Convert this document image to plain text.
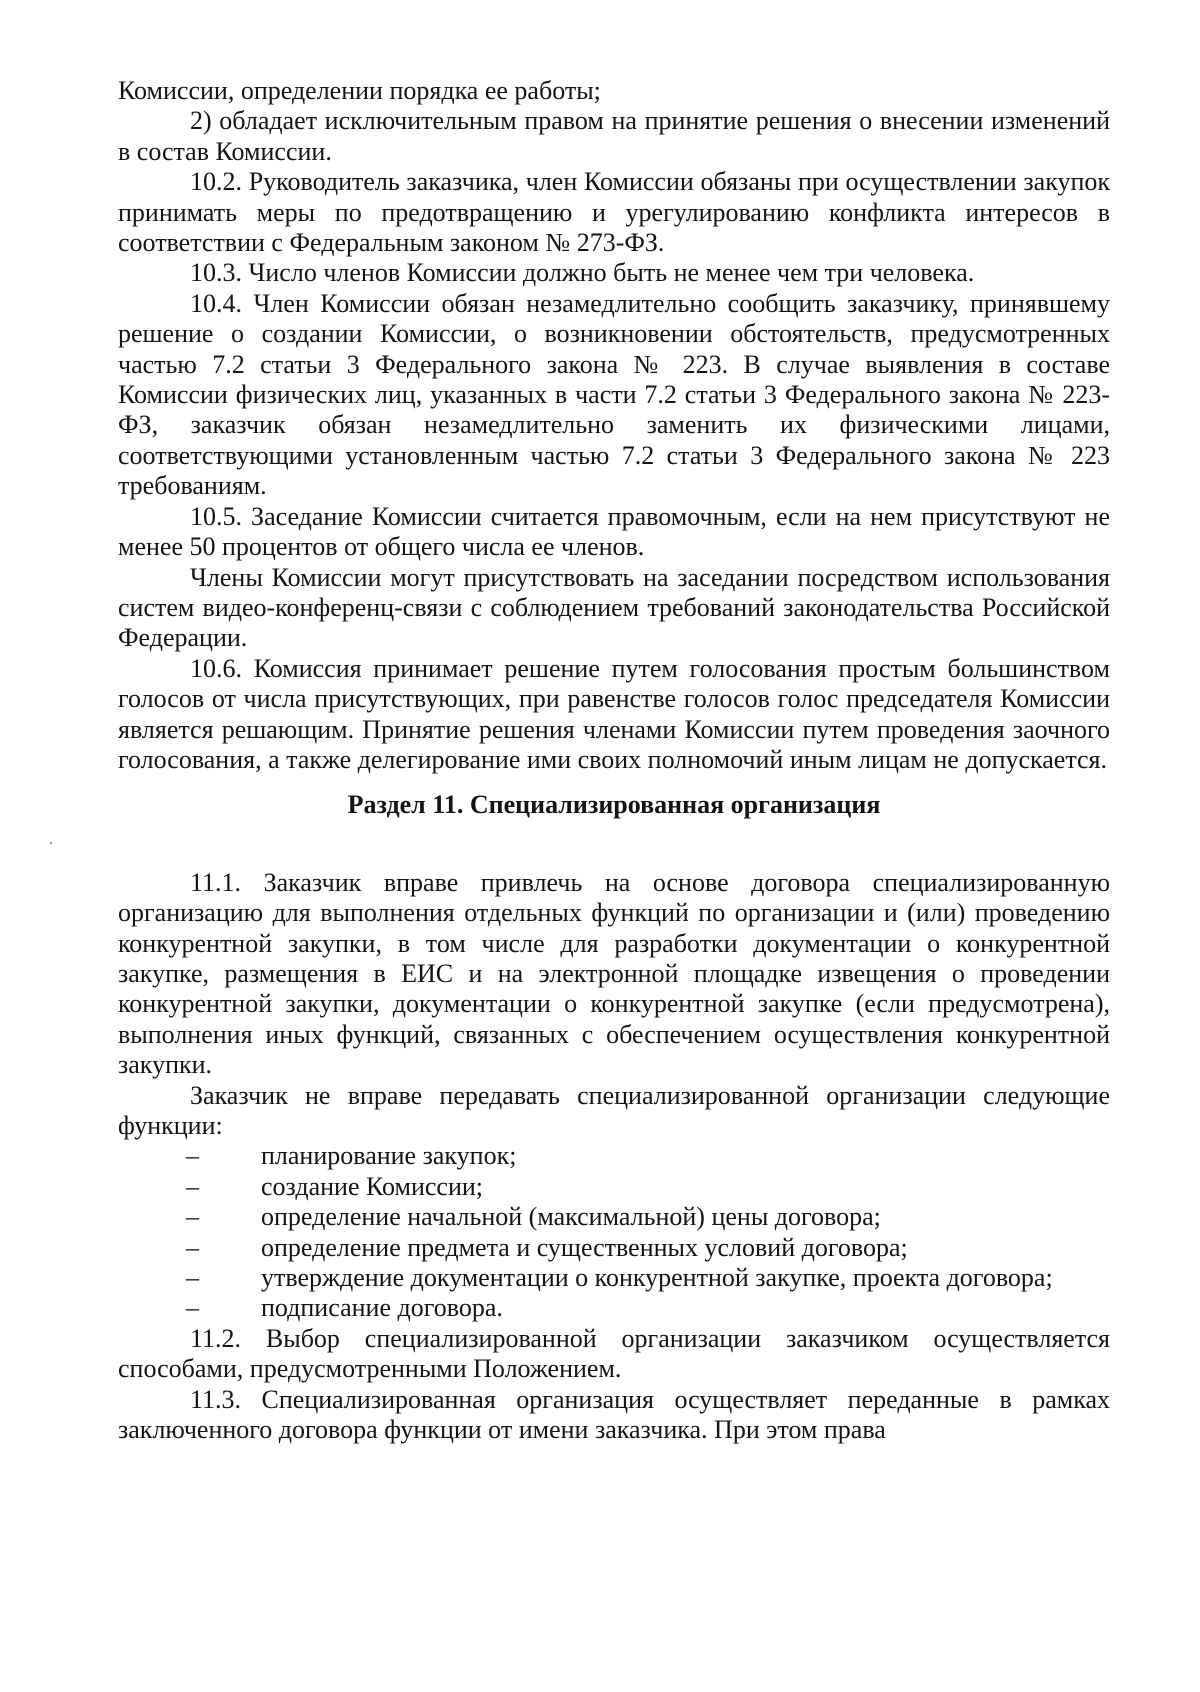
Комиссии, определении порядка ее работы;

2) обладает исключительным правом на принятие решения о внесении изменений в состав Комиссии.

10.2. Руководитель заказчика, член Комиссии обязаны при осуществлении закупок принимать меры по предотвращению и урегулированию конфликта интересов в соответствии с Федеральным законом № 273-ФЗ.

10.3. Число членов Комиссии должно быть не менее чем три человека.

10.4. Член Комиссии обязан незамедлительно сообщить заказчику, принявшему решение о создании Комиссии, о возникновении обстоятельств, предусмотренных частью 7.2 статьи 3 Федерального закона № 223. В случае выявления в составе Комиссии физических лиц, указанных в части 7.2 статьи 3 Федерального закона № 223-ФЗ, заказчик обязан незамедлительно заменить их физическими лицами, соответствующими установленным частью 7.2 статьи 3 Федерального закона № 223 требованиям.

10.5. Заседание Комиссии считается правомочным, если на нем присутствуют не менее 50 процентов от общего числа ее членов.

Члены Комиссии могут присутствовать на заседании посредством использования систем видео-конференц-связи с соблюдением требований законодательства Российской Федерации.

10.6. Комиссия принимает решение путем голосования простым большинством голосов от числа присутствующих, при равенстве голосов голос председателя Комиссии является решающим. Принятие решения членами Комиссии путем проведения заочного голосования, а также делегирование ими своих полномочий иным лицам не допускается.

Раздел 11. Специализированная организация

11.1. Заказчик вправе привлечь на основе договора специализированную организацию для выполнения отдельных функций по организации и (или) проведению конкурентной закупки, в том числе для разработки документации о конкурентной закупке, размещения в ЕИС и на электронной площадке извещения о проведении конкурентной закупки, документации о конкурентной закупке (если предусмотрена), выполнения иных функций, связанных с обеспечением осуществления конкурентной закупки.

Заказчик не вправе передавать специализированной организации следующие функции:

– планирование закупок;
– создание Комиссии;
– определение начальной (максимальной) цены договора;
– определение предмета и существенных условий договора;
– утверждение документации о конкурентной закупке, проекта договора;
– подписание договора.

11.2. Выбор специализированной организации заказчиком осуществляется способами, предусмотренными Положением.

11.3. Специализированная организация осуществляет переданные в рамках заключенного договора функции от имени заказчика. При этом права
